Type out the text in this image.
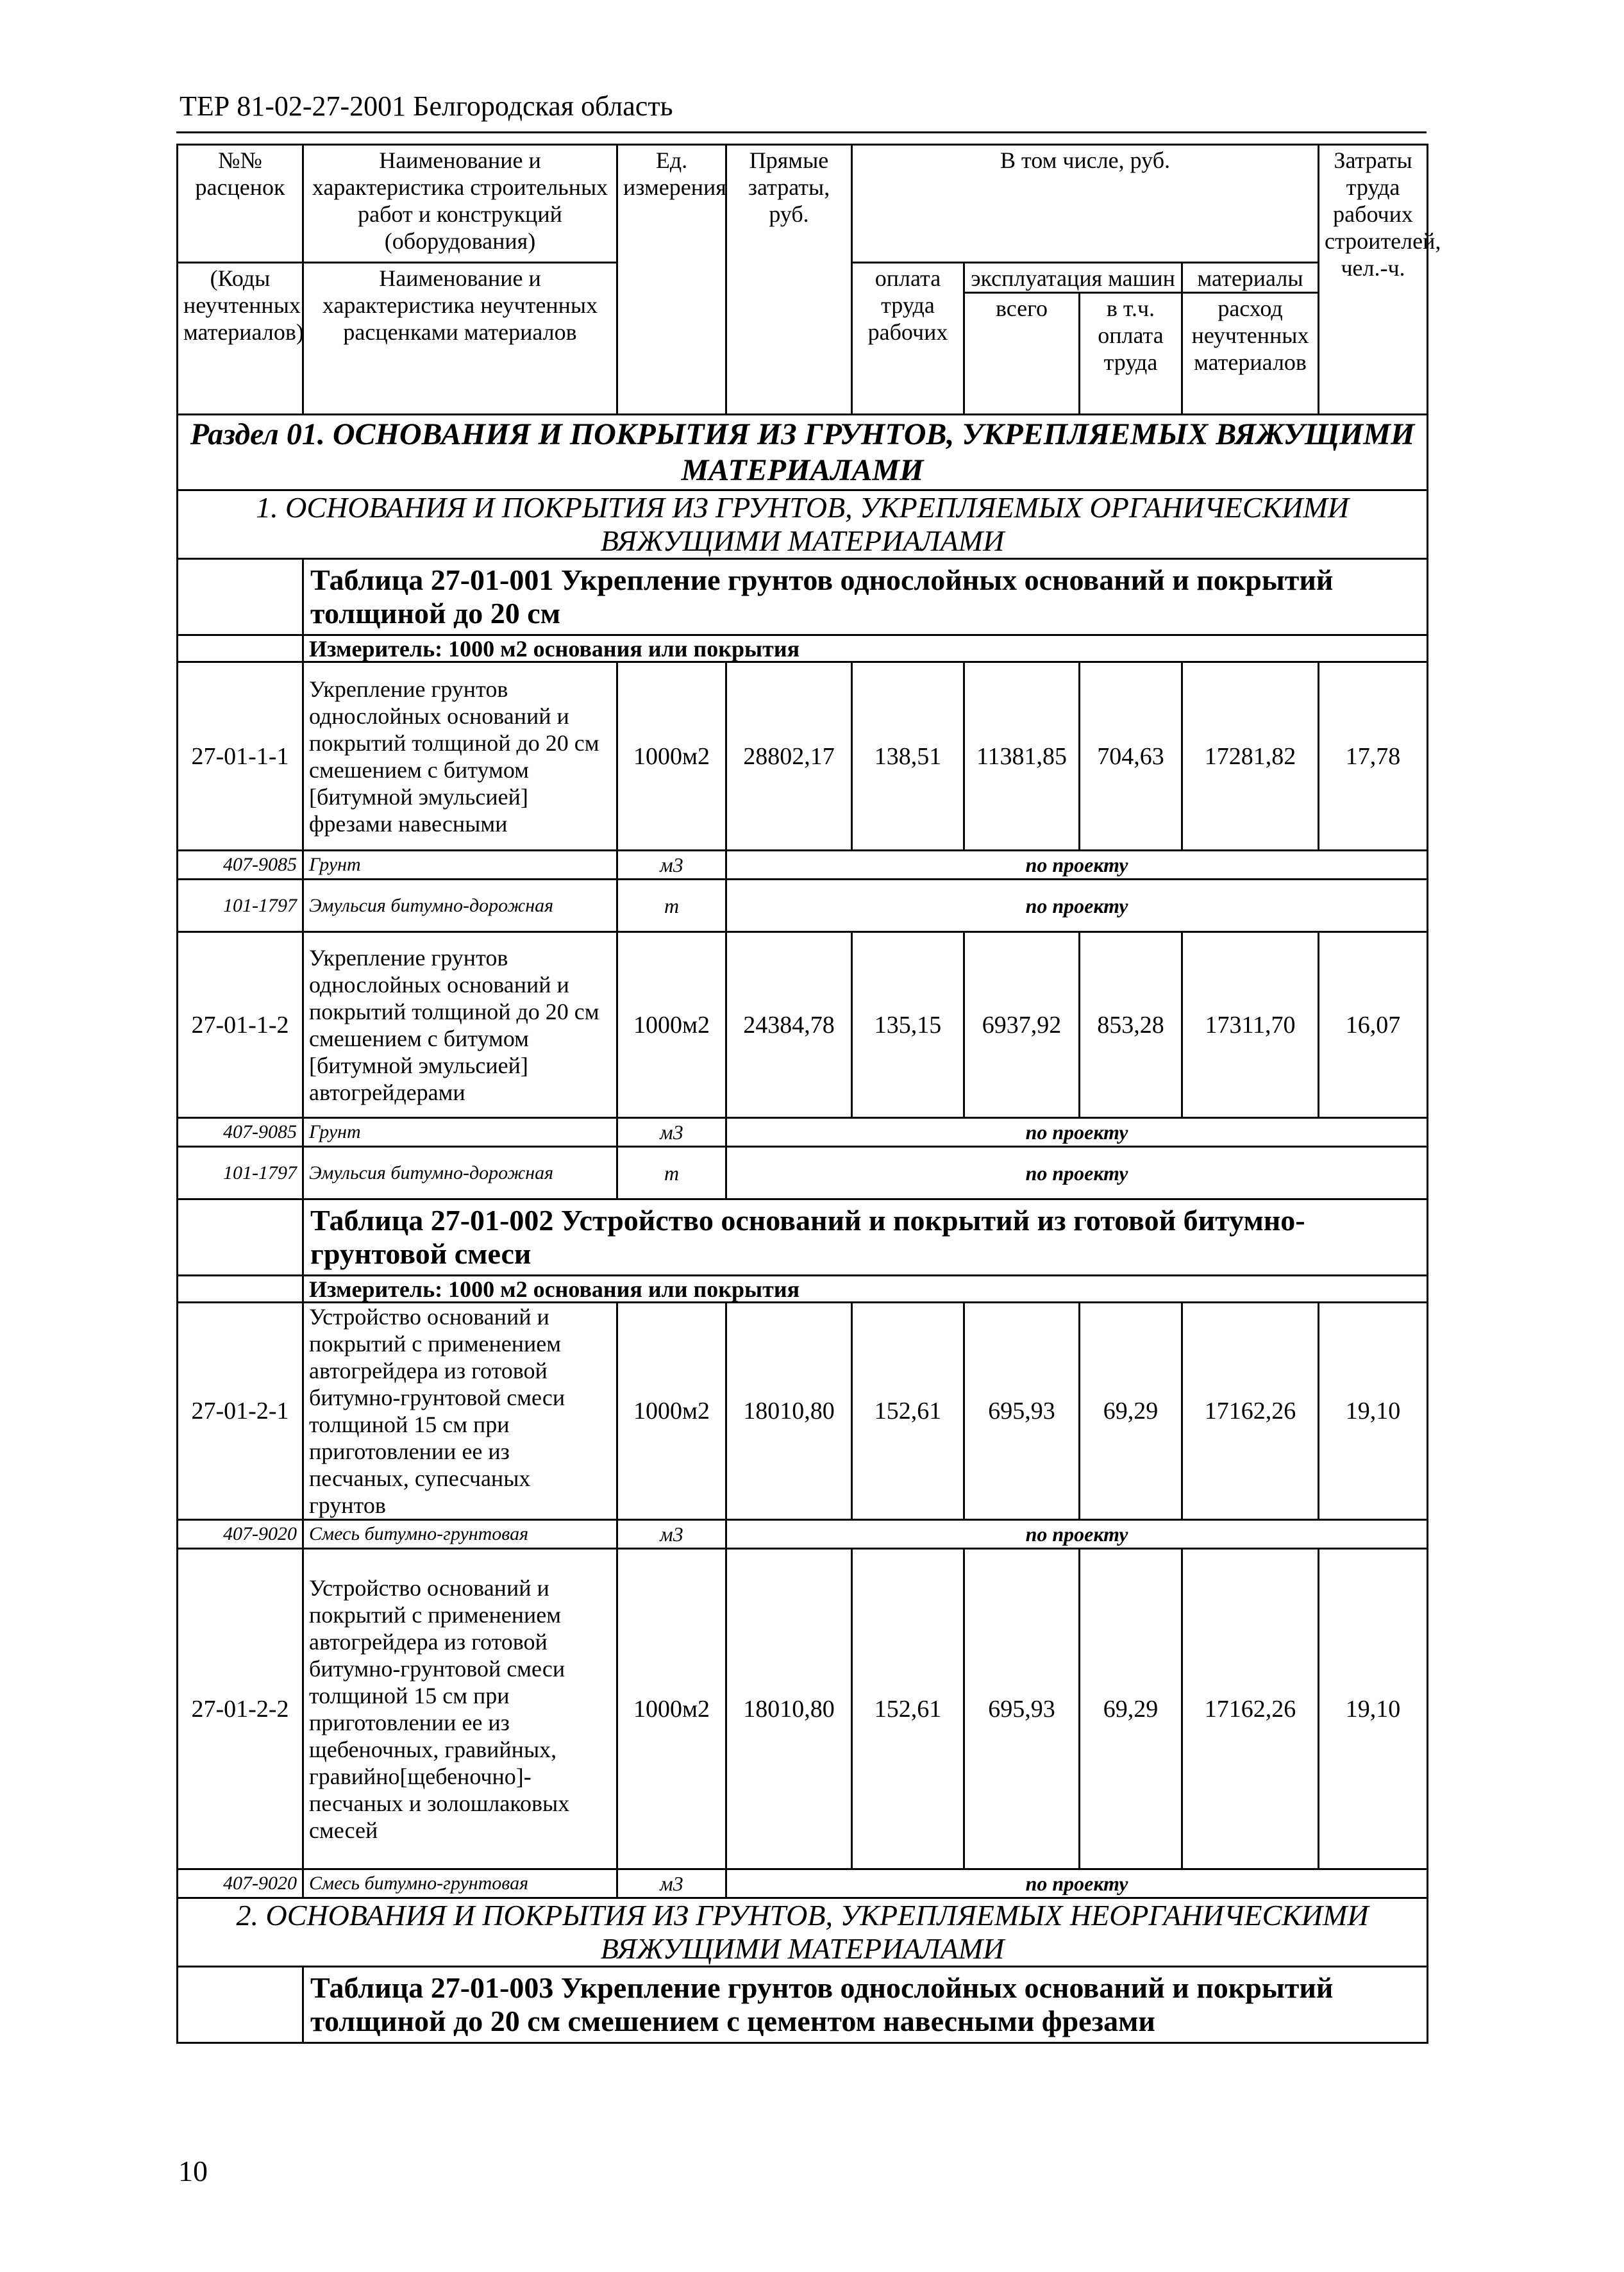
ТЕР 81-02-27-2001 Белгородская область
№№ расценок	Наименование и характеристика строительных работ и конструкций (оборудования)	Ед. измерения	Прямые затраты, руб.	В том числе, руб.				Затраты труда рабочих строителей, чел.-ч.
(Коды неучтенных материалов)	Наименование и характеристика неучтенных расценками материалов			оплата труда рабочих	эксплуатация машин		материалы	
					всего	в т.ч. оплата труда	расход неучтенных материалов	
Раздел 01. ОСНОВАНИЯ И ПОКРЫТИЯ ИЗ ГРУНТОВ, УКРЕПЛЯЕМЫХ ВЯЖУЩИМИ МАТЕРИАЛАМИ								
1. ОСНОВАНИЯ И ПОКРЫТИЯ ИЗ ГРУНТОВ, УКРЕПЛЯЕМЫХ ОРГАНИЧЕСКИМИ ВЯЖУЩИМИ МАТЕРИАЛАМИ								
	Таблица 27-01-001 Укрепление грунтов однослойных оснований и покрытий толщиной до 20 см							
	Измеритель: 1000 м2 основания или покрытия							
27-01-1-1	Укрепление грунтов однослойных оснований и покрытий толщиной до 20 см смешением с битумом [битумной эмульсией] фрезами навесными	1000м2	28802,17	138,51	11381,85	704,63	17281,82	17,78
407-9085	Грунт	м3	по проекту					
101-1797	Эмульсия битумно-дорожная	т	по проекту					
27-01-1-2	Укрепление грунтов однослойных оснований и покрытий толщиной до 20 см смешением с битумом [битумной эмульсией] автогрейдерами	1000м2	24384,78	135,15	6937,92	853,28	17311,70	16,07
407-9085	Грунт	м3	по проекту					
101-1797	Эмульсия битумно-дорожная	т	по проекту					
	Таблица 27-01-002 Устройство оснований и покрытий из готовой битумно-грунтовой смеси							
	Измеритель: 1000 м2 основания или покрытия							
27-01-2-1	Устройство оснований и покрытий с применением автогрейдера из готовой битумно-грунтовой смеси толщиной 15 см при приготовлении ее из песчаных, супесчаных грунтов	1000м2	18010,80	152,61	695,93	69,29	17162,26	19,10
407-9020	Смесь битумно-грунтовая	м3	по проекту					
27-01-2-2	Устройство оснований и покрытий с применением автогрейдера из готовой битумно-грунтовой смеси толщиной 15 см при приготовлении ее из щебеночных, гравийных, гравийно[щебеночно]-песчаных и золошлаковых смесей	1000м2	18010,80	152,61	695,93	69,29	17162,26	19,10
407-9020	Смесь битумно-грунтовая	м3	по проекту					
2. ОСНОВАНИЯ И ПОКРЫТИЯ ИЗ ГРУНТОВ, УКРЕПЛЯЕМЫХ НЕОРГАНИЧЕСКИМИ ВЯЖУЩИМИ МАТЕРИАЛАМИ								
	Таблица 27-01-003 Укрепление грунтов однослойных оснований и покрытий толщиной до 20 см смешением с цементом навесными фрезами							
10
